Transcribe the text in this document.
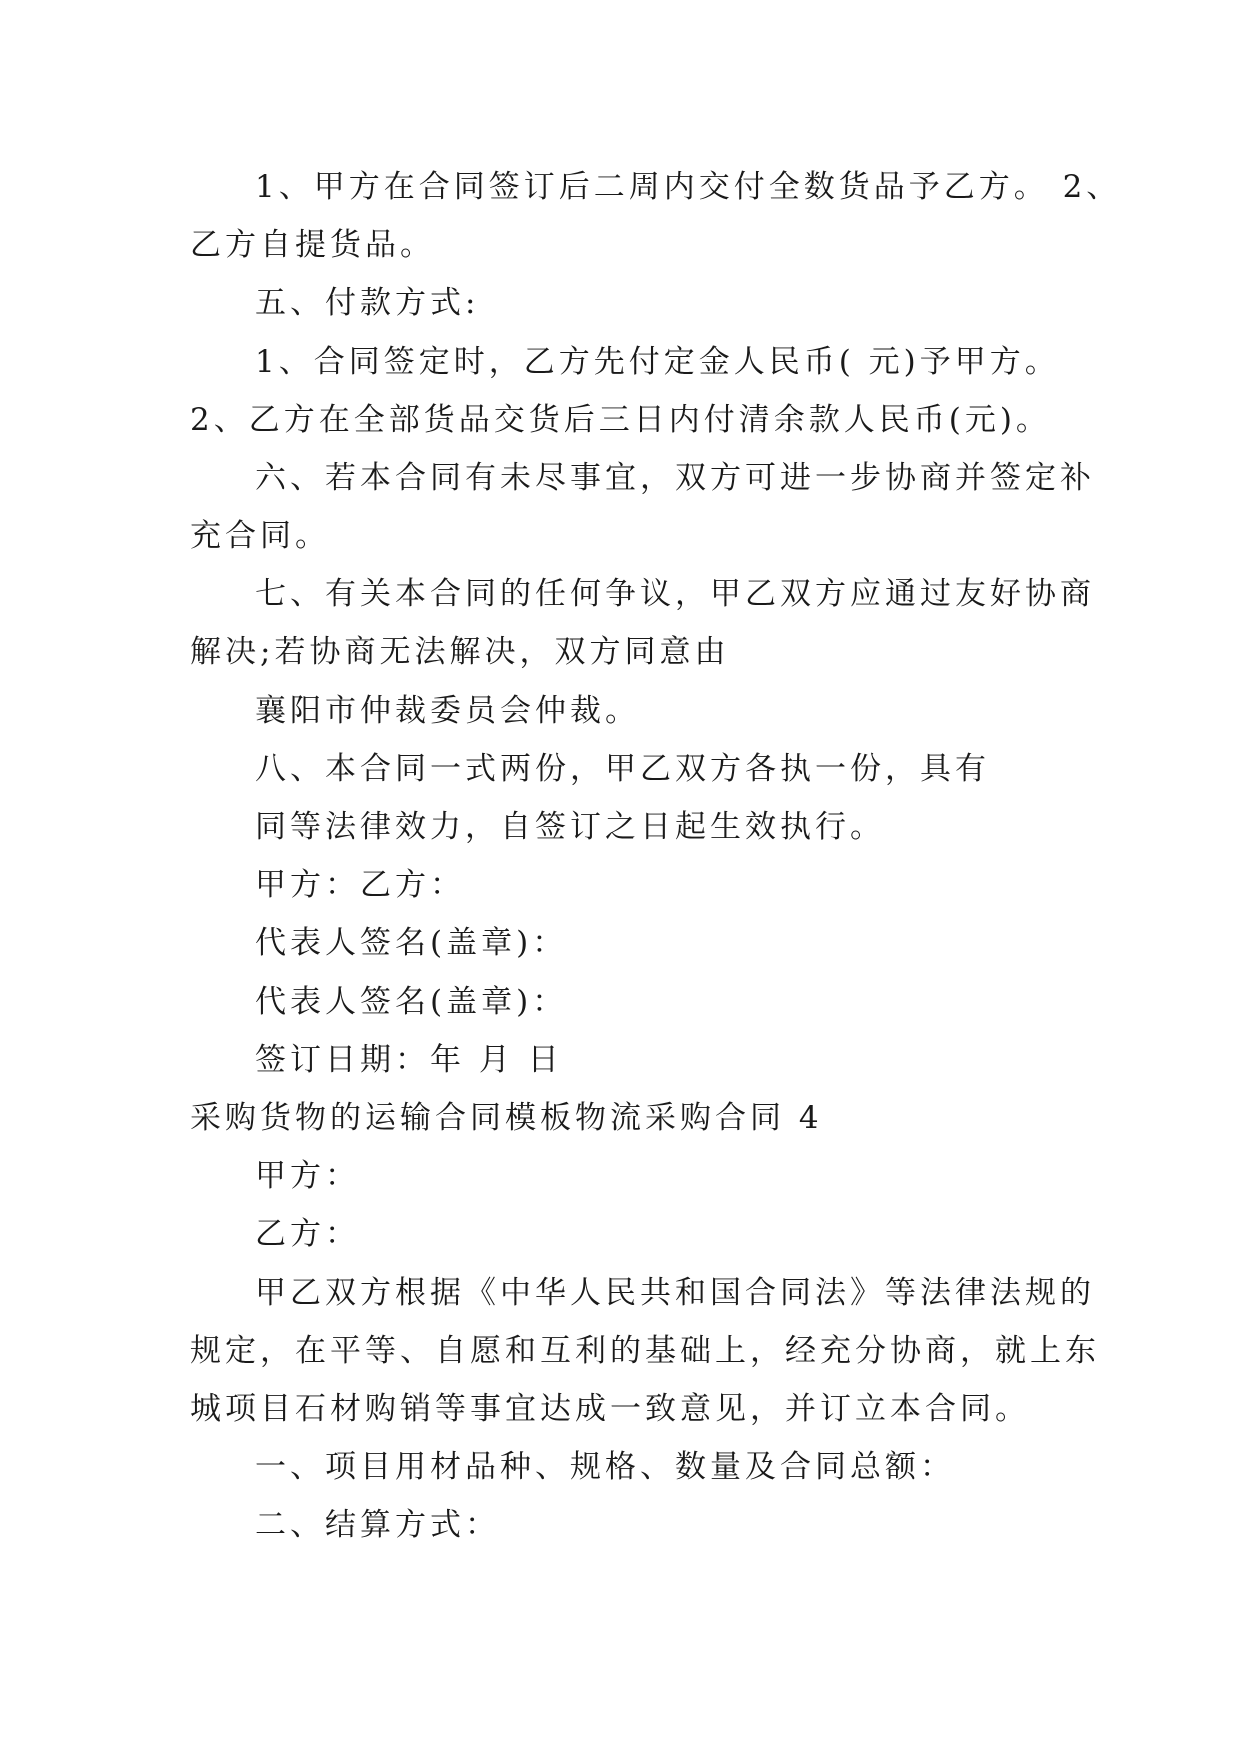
1、甲方在合同签订后二周内交付全数货品予乙方。 2、
乙方自提货品。
五、付款方式:
1、合同签定时，乙方先付定金人民币( 元)予甲方。
2、乙方在全部货品交货后三日内付清余款人民币(元)。
六、若本合同有未尽事宜，双方可进一步协商并签定补
充合同。
七、有关本合同的任何争议，甲乙双方应通过友好协商
解决;若协商无法解决，双方同意由
襄阳市仲裁委员会仲裁。
八、本合同一式两份，甲乙双方各执一份，具有
同等法律效力，自签订之日起生效执行。
甲方：乙方：
代表人签名(盖章)：
代表人签名(盖章)：
签订日期：年 月 日
采购货物的运输合同模板物流采购合同 4
甲方：
乙方：
甲乙双方根据《中华人民共和国合同法》等法律法规的
规定，在平等、自愿和互利的基础上，经充分协商，就上东
城项目石材购销等事宜达成一致意见，并订立本合同。
一、项目用材品种、规格、数量及合同总额：
二、结算方式：
